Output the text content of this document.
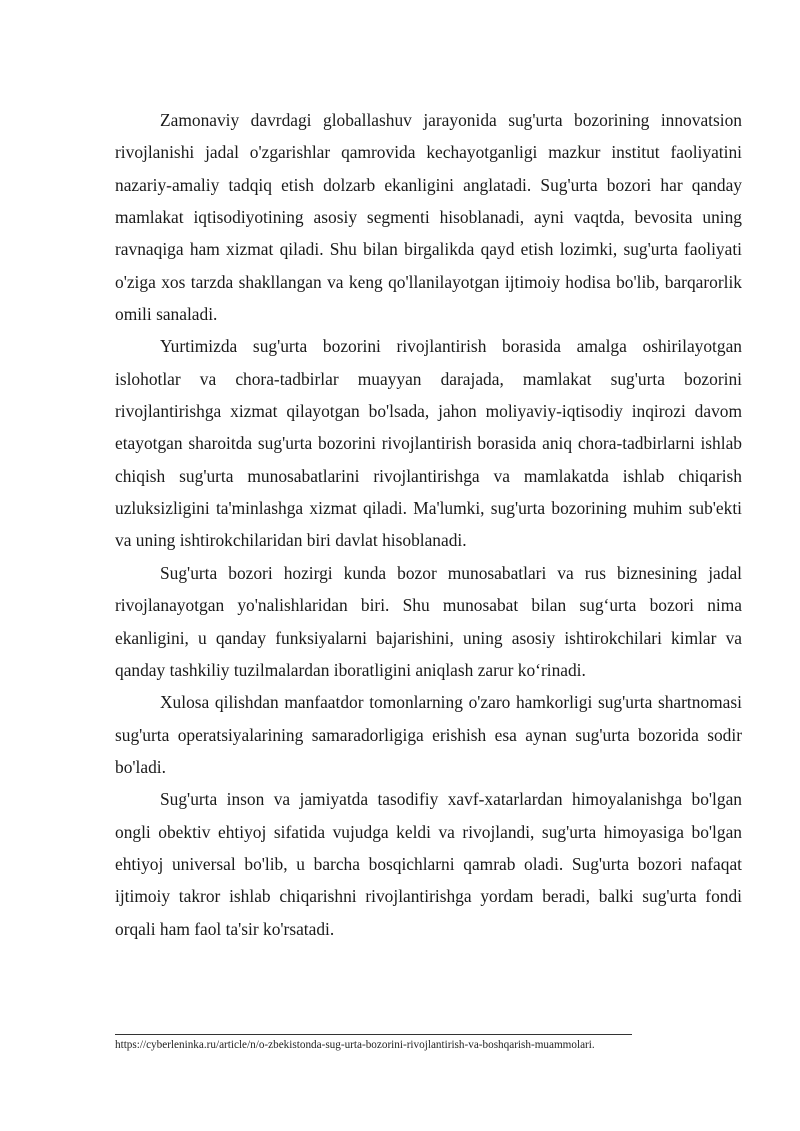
Zamonaviy davrdagi globallashuv jarayonida sug'urta bozorining innovatsion rivojlanishi jadal o'zgarishlar qamrovida kechayotganligi mazkur institut faoliyatini nazariy-amaliy tadqiq etish dolzarb ekanligini anglatadi. Sug'urta bozori har qanday mamlakat iqtisodiyotining asosiy segmenti hisoblanadi, ayni vaqtda, bevosita uning ravnaqiga ham xizmat qiladi. Shu bilan birgalikda qayd etish lozimki, sug'urta faoliyati o'ziga xos tarzda shakllangan va keng qo'llanilayotgan ijtimoiy hodisa bo'lib, barqarorlik omili sanaladi.

Yurtimizda sug'urta bozorini rivojlantirish borasida amalga oshirilayotgan islohotlar va chora-tadbirlar muayyan darajada, mamlakat sug'urta bozorini rivojlantirishga xizmat qilayotgan bo'lsada, jahon moliyaviy-iqtisodiy inqirozi davom etayotgan sharoitda sug'urta bozorini rivojlantirish borasida aniq chora-tadbirlarni ishlab chiqish sug'urta munosabatlarini rivojlantirishga va mamlakatda ishlab chiqarish uzluksizligini ta'minlashga xizmat qiladi. Ma'lumki, sug'urta bozorining muhim sub'ekti va uning ishtirokchilaridan biri davlat hisoblanadi.

Sug'urta bozori hozirgi kunda bozor munosabatlari va rus biznesining jadal rivojlanayotgan yo'nalishlaridan biri. Shu munosabat bilan sug‘urta bozori nima ekanligini, u qanday funksiyalarni bajarishini, uning asosiy ishtirokchilari kimlar va qanday tashkiliy tuzilmalardan iboratligini aniqlash zarur ko‘rinadi.

Xulosa qilishdan manfaatdor tomonlarning o'zaro hamkorligi sug'urta shartnomasi sug'urta operatsiyalarining samaradorligiga erishish esa aynan sug'urta bozorida sodir bo'ladi.

Sug'urta inson va jamiyatda tasodifiy xavf-xatarlardan himoyalanishga bo'lgan ongli obektiv ehtiyoj sifatida vujudga keldi va rivojlandi, sug'urta himoyasiga bo'lgan ehtiyoj universal bo'lib, u barcha bosqichlarni qamrab oladi. Sug'urta bozori nafaqat ijtimoiy takror ishlab chiqarishni rivojlantirishga yordam beradi, balki sug'urta fondi orqali ham faol ta'sir ko'rsatadi.

https://cyberleninka.ru/article/n/o-zbekistonda-sug-urta-bozorini-rivojlantirish-va-boshqarish-muammolari.
